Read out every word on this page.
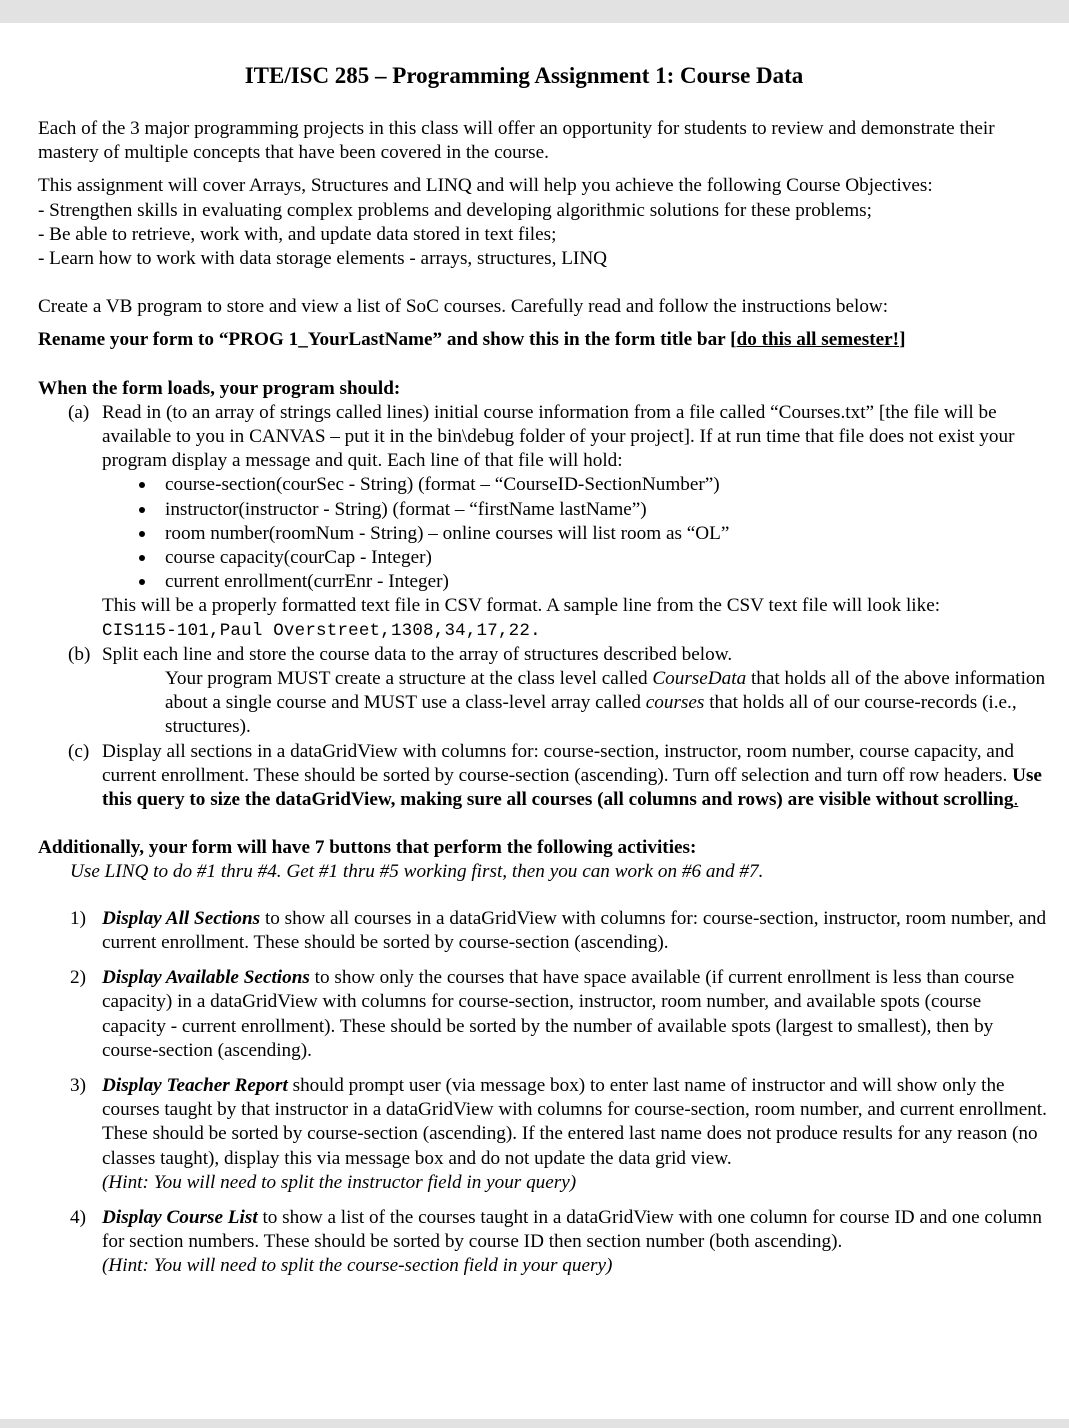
ITE/ISC 285 – Programming Assignment 1: Course Data

Each of the 3 major programming projects in this class will offer an opportunity for students to review and demonstrate their mastery of multiple concepts that have been covered in the course.

This assignment will cover Arrays, Structures and LINQ and will help you achieve the following Course Objectives:

- Strengthen skills in evaluating complex problems and developing algorithmic solutions for these problems;

- Be able to retrieve, work with, and update data stored in text files;

- Learn how to work with data storage elements - arrays, structures, LINQ

Create a VB program to store and view a list of SoC courses. Carefully read and follow the instructions below:

Rename your form to “PROG 1_YourLastName” and show this in the form title bar [do this all semester!]

When the form loads, your program should:

(a) Read in (to an array of strings called lines) initial course information from a file called “Courses.txt” [the file will be available to you in CANVAS – put it in the bin\debug folder of your project]. If at run time that file does not exist your program display a message and quit. Each line of that file will hold:
course-section(courSec - String) (format – “CourseID-SectionNumber”)
instructor(instructor - String) (format – “firstName lastName”)
room number(roomNum - String) – online courses will list room as “OL”
course capacity(courCap - Integer)
current enrollment(currEnr - Integer)
This will be a properly formatted text file in CSV format. A sample line from the CSV text file will look like:
CIS115-101,Paul Overstreet,1308,34,17,22.
(b) Split each line and store the course data to the array of structures described below.
Your program MUST create a structure at the class level called CourseData that holds all of the above information about a single course and MUST use a class-level array called courses that holds all of our course-records (i.e., structures).
(c) Display all sections in a dataGridView with columns for: course-section, instructor, room number, course capacity, and current enrollment. These should be sorted by course-section (ascending). Turn off selection and turn off row headers. Use this query to size the dataGridView, making sure all courses (all columns and rows) are visible without scrolling.

Additionally, your form will have 7 buttons that perform the following activities:

Use LINQ to do #1 thru #4. Get #1 thru #5 working first, then you can work on #6 and #7.

1) Display All Sections to show all courses in a dataGridView with columns for: course-section, instructor, room number, and current enrollment. These should be sorted by course-section (ascending).
2) Display Available Sections to show only the courses that have space available (if current enrollment is less than course capacity) in a dataGridView with columns for course-section, instructor, room number, and available spots (course capacity - current enrollment). These should be sorted by the number of available spots (largest to smallest), then by course-section (ascending).
3) Display Teacher Report should prompt user (via message box) to enter last name of instructor and will show only the courses taught by that instructor in a dataGridView with columns for course-section, room number, and current enrollment. These should be sorted by course-section (ascending). If the entered last name does not produce results for any reason (no classes taught), display this via message box and do not update the data grid view.
(Hint: You will need to split the instructor field in your query)
4) Display Course List to show a list of the courses taught in a dataGridView with one column for course ID and one column for section numbers. These should be sorted by course ID then section number (both ascending).
(Hint: You will need to split the course-section field in your query)
